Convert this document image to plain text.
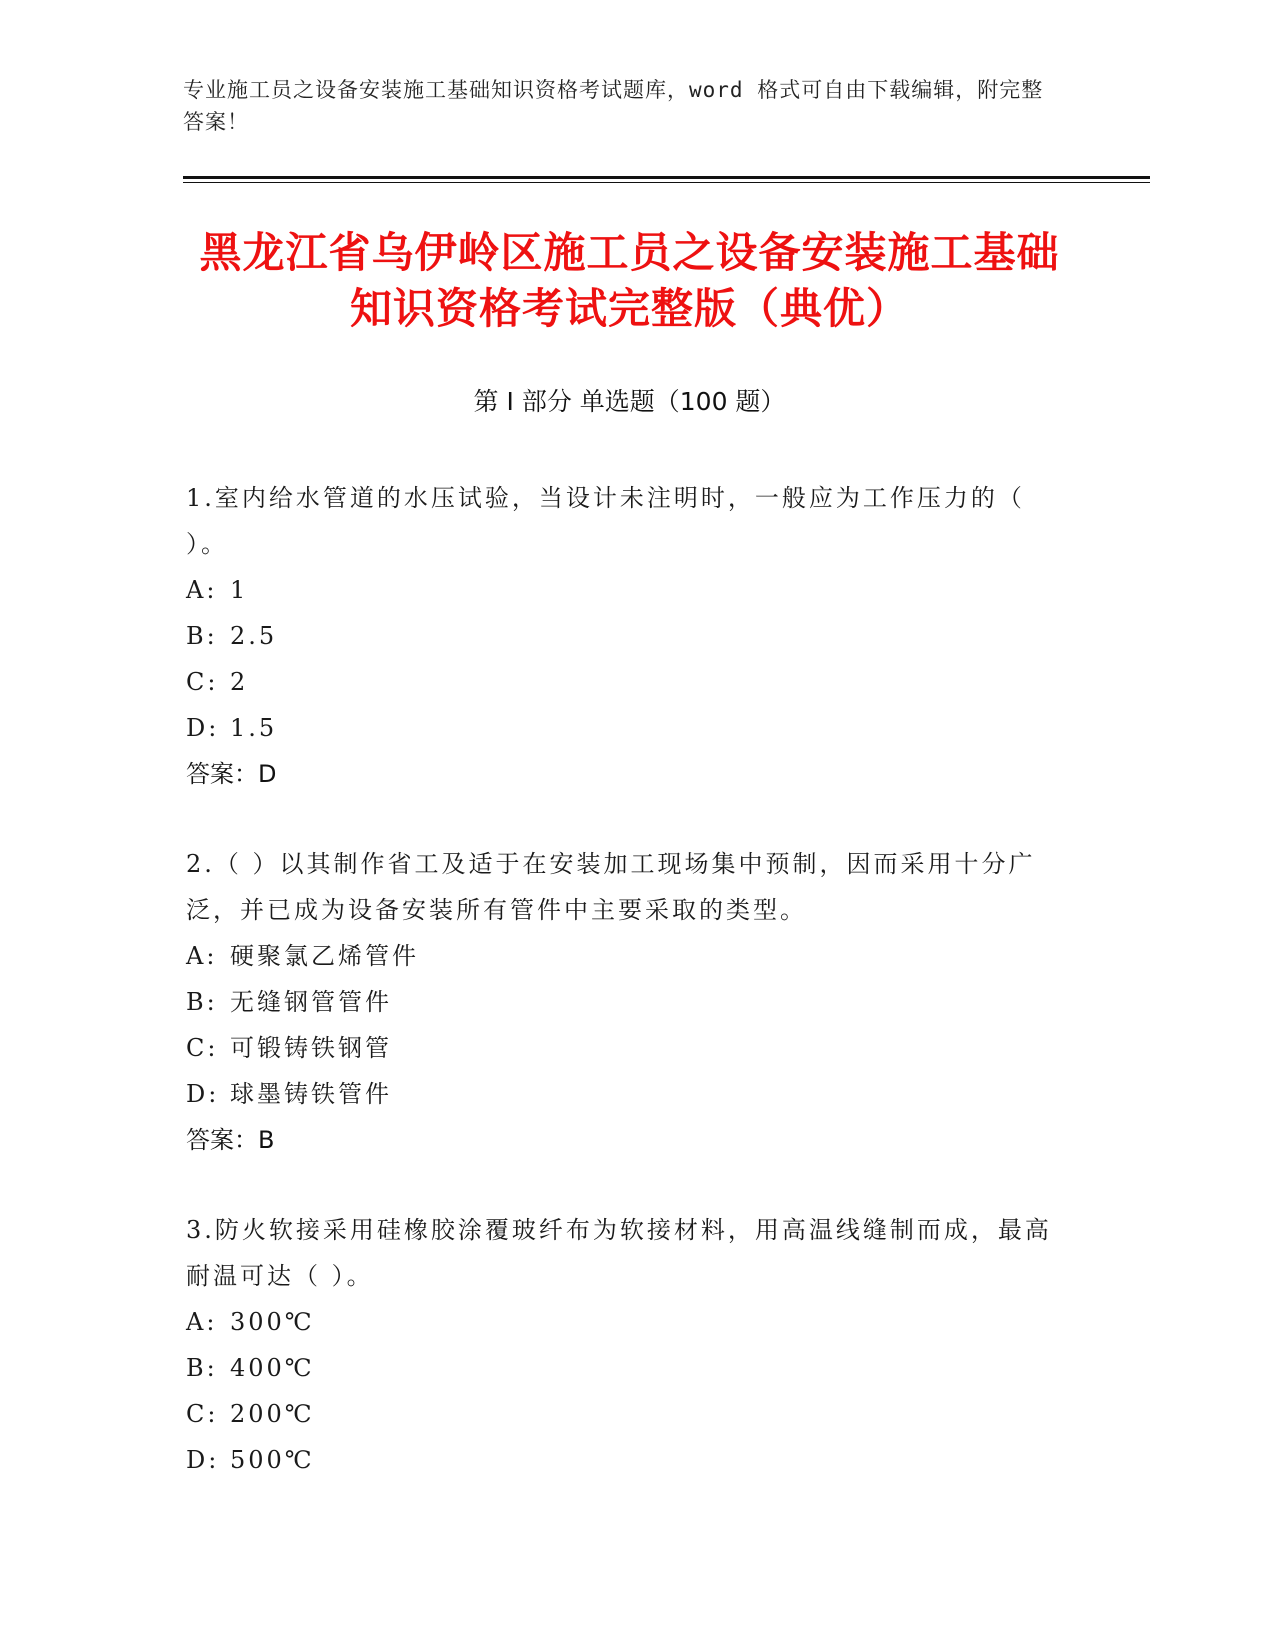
专业施工员之设备安装施工基础知识资格考试题库，word 格式可自由下载编辑，附完整答案！
黑龙江省乌伊岭区施工员之设备安装施工基础知识资格考试完整版（典优）
第 I 部分 单选题（100 题）
1.室内给水管道的水压试验，当设计未注明时，一般应为工作压力的（ ）。
A: 1
B: 2.5
C: 2
D: 1.5
答案：D
2.（ ）以其制作省工及适于在安装加工现场集中预制，因而采用十分广泛，并已成为设备安装所有管件中主要采取的类型。
A: 硬聚氯乙烯管件
B: 无缝钢管管件
C: 可锻铸铁钢管
D: 球墨铸铁管件
答案：B
3.防火软接采用硅橡胶涂覆玻纤布为软接材料，用高温线缝制而成，最高耐温可达（ ）。
A: 300℃
B: 400℃
C: 200℃
D: 500℃
